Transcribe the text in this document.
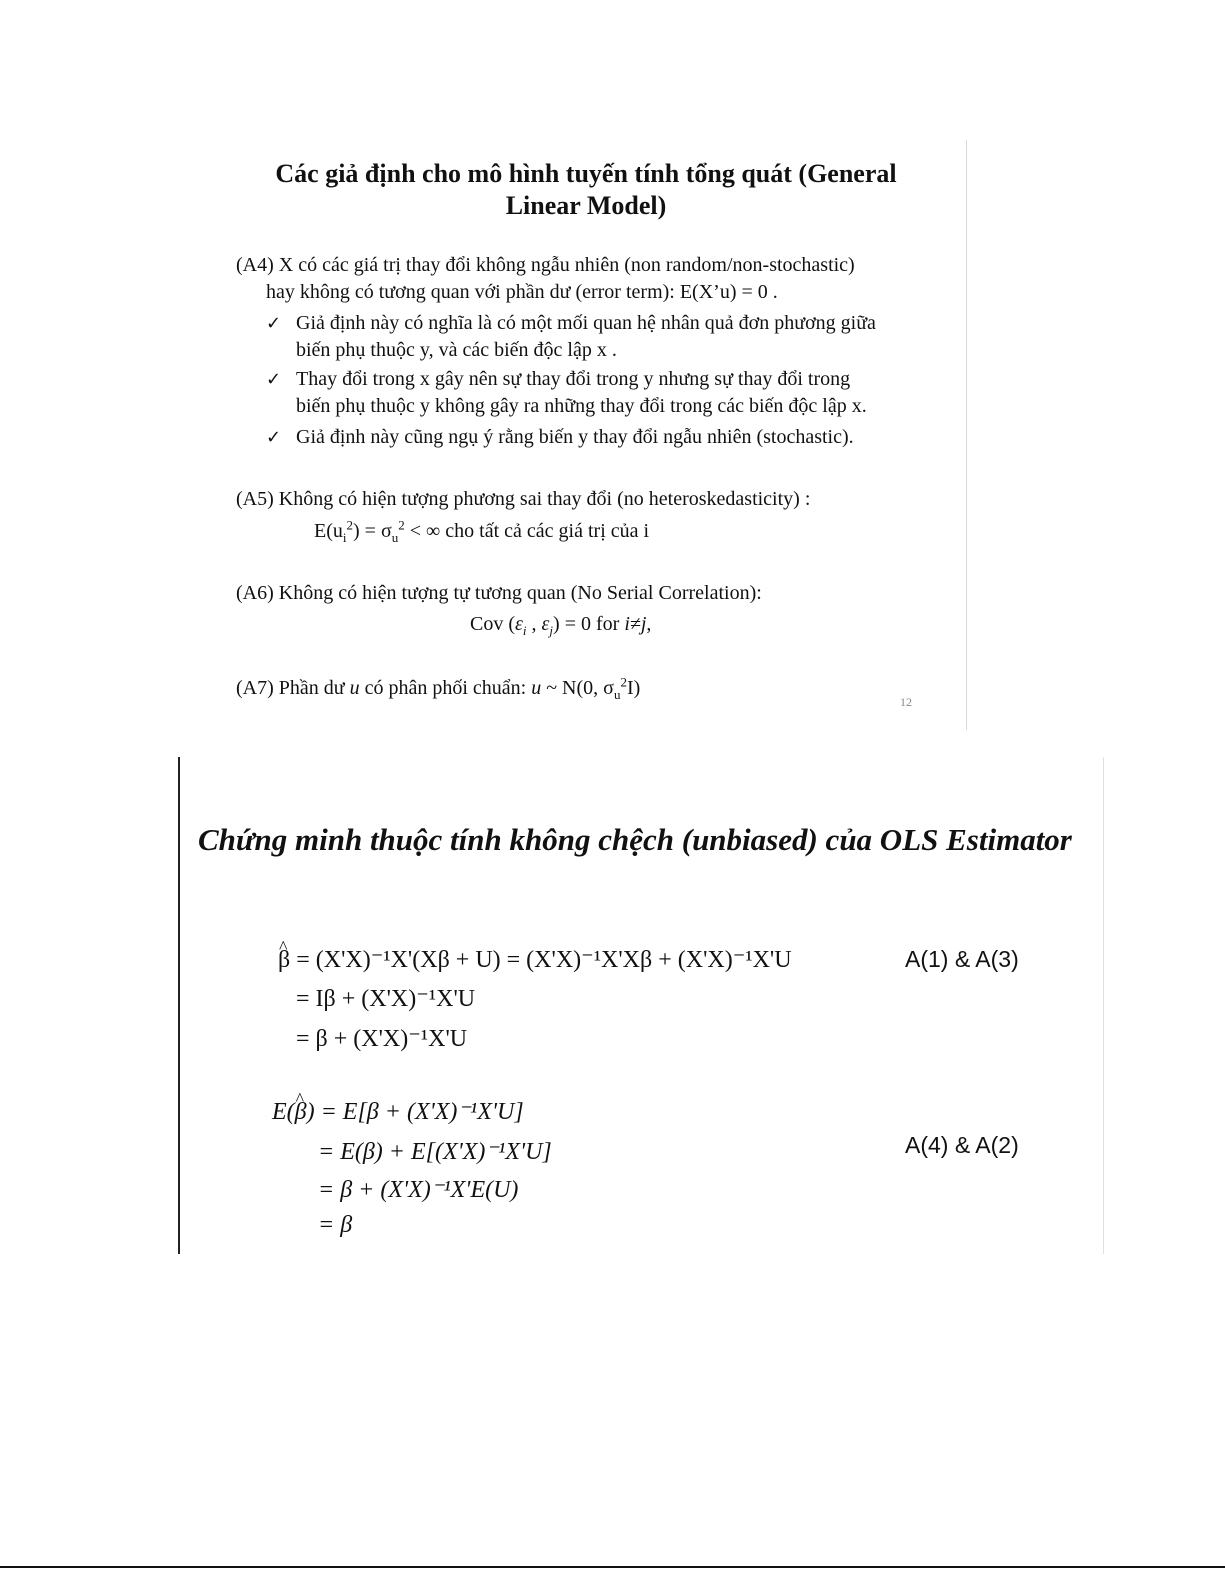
Các giả định cho mô hình tuyến tính tổng quát (General Linear Model)
(A4) X có các giá trị thay đổi không ngẫu nhiên (non random/non-stochastic)
hay không có tương quan với phần dư (error term): E(X’u) = 0 .
✓ Giả định này có nghĩa là có một mối quan hệ nhân quả đơn phương giữa
biến phụ thuộc y, và các biến độc lập x .
✓ Thay đổi trong x gây nên sự thay đổi trong y nhưng sự thay đổi trong
biến phụ thuộc y không gây ra những thay đổi trong các biến độc lập x.
✓ Giả định này cũng ngụ ý rằng biến y thay đổi ngẫu nhiên (stochastic).
(A5) Không có hiện tượng phương sai thay đổi (no heteroskedasticity) :
$E(u_i^2) = \sigma_u^2$ < ∞ cho tất cả các giá trị của i
(A6) Không có hiện tượng tự tương quan (No Serial Correlation):
Cov ($\varepsilon_i$ , $\varepsilon_j) = 0$ for i≠j,
(A7) Phần dư u có phân phối chuẩn: u ~ N(0, $\sigma_u^2I$)
12
Chứng minh thuộc tính không chệch (unbiased) của OLS Estimator
^ β = (X'X)⁻¹X'(Xβ + U) = (X'X)⁻¹X'Xβ + (X'X)⁻¹X'U
= Iβ + (X'X)⁻¹X'U
= β + (X'X)⁻¹X'U
E(^ β) = E[β + (X'X)⁻¹X'U]
= E(β) + E[(X'X)⁻¹X'U]
= β + (X'X)⁻¹X'E(U)
= β
A(1) & A(3)
A(4) & A(2)
